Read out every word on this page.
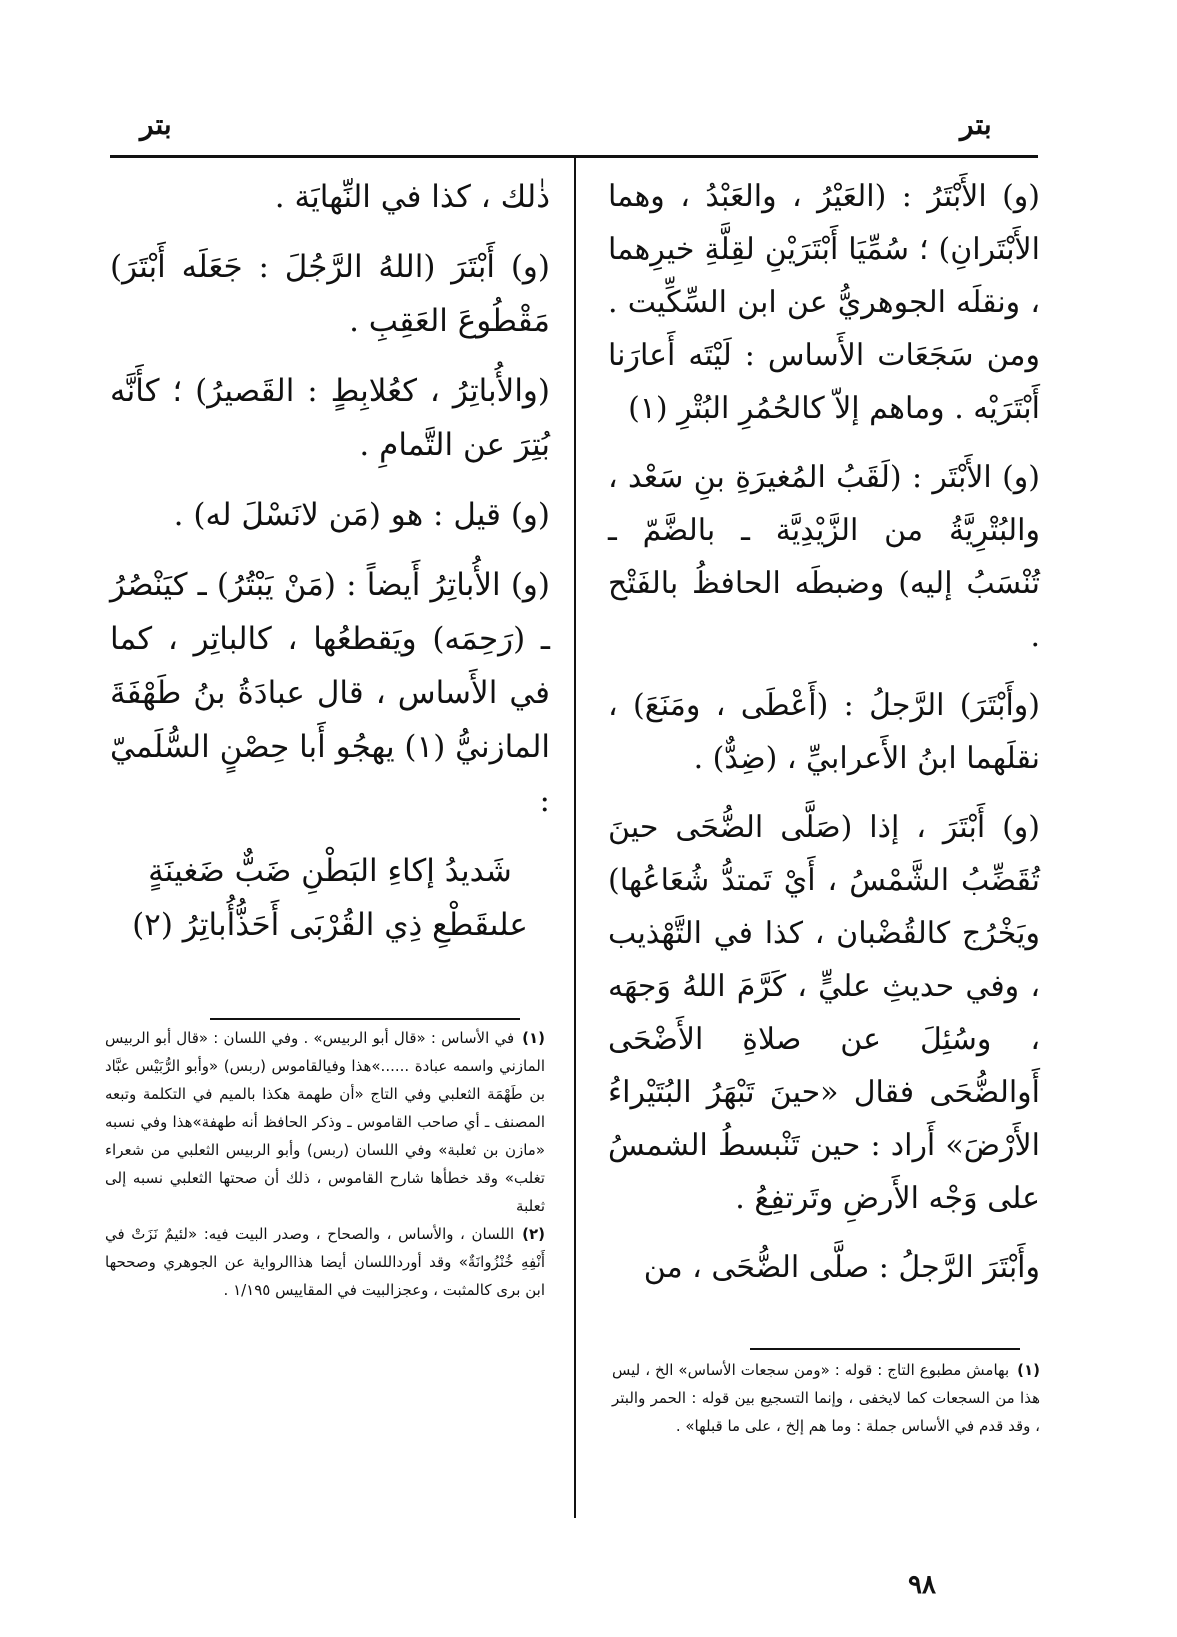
بتر	بتر

(و) الأَبْتَرُ : (العَيْرُ ، والعَبْدُ ، وهما الأَبْتَرانِ) ؛ سُمِّيَا أَبْتَرَيْنِ لقِلَّةِ خيرِهما ، ونقلَه الجوهريُّ عن ابن السِّكِّيت . ومن سَجَعَات الأَساس : لَيْتَه أَعارَنا أَبْتَرَيْه . وماهم إلاّ كالحُمُرِ البُتْرِ (١)

(و) الأَبْتَر : (لَقَبُ المُغيرَةِ بنِ سَعْد ، والبُتْرِيَّةُ من الزَّيْدِيَّة ـ بالضَّمّ ـ تُنْسَبُ إليه) وضبطَه الحافظُ بالفَتْح .

(وأَبْتَرَ) الرَّجلُ : (أَعْطَى ، ومَنَعَ) ، نقلَهما ابنُ الأَعرابيِّ ، (ضِدٌّ) .

(و) أَبْتَرَ ، إذا (صَلَّى الضُّحَى حينَ تُقَضِّبُ الشَّمْسُ ، أَيْ تَمتدُّ شُعَاعُها) ويَخْرُج كالقُضْبان ، كذا في التَّهْذيب ، وفي حديثِ عليٍّ ، كَرَّمَ اللهُ وَجهَه ، وسُئِلَ عن صلاةِ الأَضْحَى أَوالضُّحَى فقال «حينَ تَبْهَرُ البُتَيْراءُ الأَرْضَ» أَراد : حين تَنْبسطُ الشمسُ على وَجْه الأَرضِ وتَرتفِعُ .

وأَبْتَرَ الرَّجلُ : صلَّى الضُّحَى ، من

(١)بهامش مطبوع التاج : قوله : «ومن سجعات الأساس» الخ ، ليس هذا من السجعات كما لايخفى ، وإنما التسجيع بين قوله : الحمر والبتر ، وقد قدم في الأساس جملة : وما هم إلخ ، على ما قبلها» .

ذٰلك ، كذا في النِّهايَة .

(و) أَبْتَرَ (اللهُ الرَّجُلَ : جَعَلَه أَبْتَرَ) مَقْطُوعَ العَقِبِ .

(والأُباتِرُ ، كعُلابِطٍ : القَصيرُ) ؛ كأَنَّه بُتِرَ عن التَّمامِ .

(و) قيل : هو (مَن لانَسْلَ له) .

(و) الأُباتِرُ أَيضاً : (مَنْ يَبْتُرُ) ـ كيَنْصُرُ ـ (رَحِمَه) ويَقطعُها ، كالباتِر ، كما في الأَساس ، قال عبادَةُ بنُ طَهْفَةَ المازنيُّ (١) يهجُو أَبا حِصْنٍ السُّلَميّ :

شَديدُ إكاءِ البَطْنِ ضَبٌّ ضَغينَةٍ

علىقَطْعِ ذِي القُرْبَى أَحَذُّأُباتِرُ (٢)

(١)في الأساس : «قال أبو الربيس» . وفي اللسان : «قال أبو الربيس المازني واسمه عبادة ......»هذا وفيالقاموس (ربس) «وأبو الرُّبَيْس عبَّاد بن طَهْمَة الثعلبي وفي التاج «أن طهمة هكذا بالميم في التكلمة وتبعه المصنف ـ أي صاحب القاموس ـ وذكر الحافظ أنه طهفة»هذا وفي نسبه «مازن بن ثعلبة» وفي اللسان (ربس) وأبو الربيس الثعلبي من شعراء تغلب» وقد خطأها شارح القاموس ، ذلك أن صحتها الثعلبي نسبه إلى ثعلبة

(٢)اللسان ، والأساس ، والصحاح ، وصدر البيت فيه: «لئيمٌ نَزَتْ في أَنْفِهِ خُنْزُوانَةٌ» وقد أورداللسان أيضا هذاالرواية عن الجوهري وصححها ابن برى كالمثبت ، وعجزالبيت في المقاييس ١/١٩٥ .

٩٨
